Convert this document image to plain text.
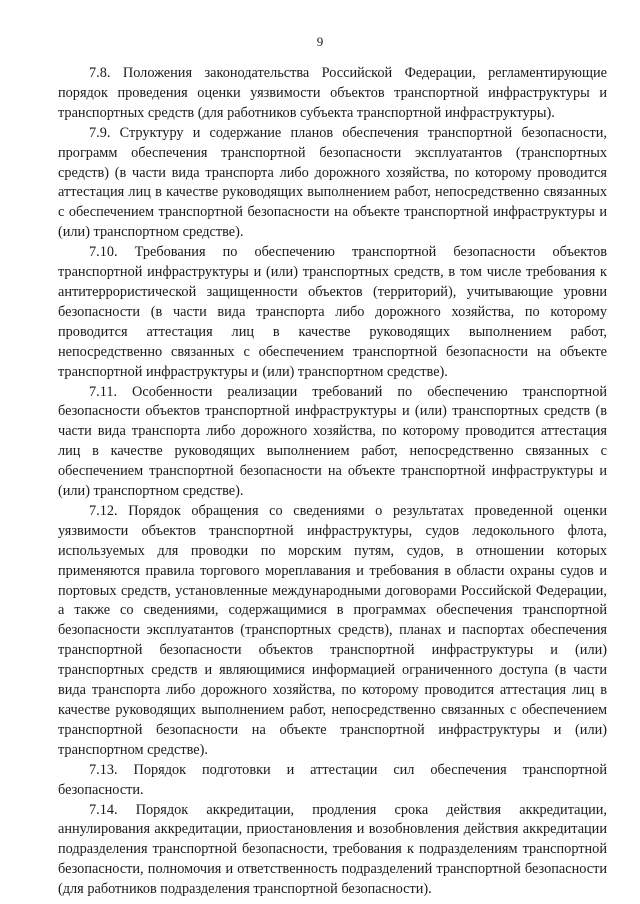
9

7.8. Положения законодательства Российской Федерации, регламентирующие порядок проведения оценки уязвимости объектов транспортной инфраструктуры и транспортных средств (для работников субъекта транспортной инфраструктуры).

7.9. Структуру и содержание планов обеспечения транспортной безопасности, программ обеспечения транспортной безопасности эксплуатантов (транспортных средств) (в части вида транспорта либо дорожного хозяйства, по которому проводится аттестация лиц в качестве руководящих выполнением работ, непосредственно связанных с обеспечением транспортной безопасности на объекте транспортной инфраструктуры и (или) транспортном средстве).

7.10. Требования по обеспечению транспортной безопасности объектов транспортной инфраструктуры и (или) транспортных средств, в том числе требования к антитеррористической защищенности объектов (территорий), учитывающие уровни безопасности (в части вида транспорта либо дорожного хозяйства, по которому проводится аттестация лиц в качестве руководящих выполнением работ, непосредственно связанных с обеспечением транспортной безопасности на объекте транспортной инфраструктуры и (или) транспортном средстве).

7.11. Особенности реализации требований по обеспечению транспортной безопасности объектов транспортной инфраструктуры и (или) транспортных средств (в части вида транспорта либо дорожного хозяйства, по которому проводится аттестация лиц в качестве руководящих выполнением работ, непосредственно связанных с обеспечением транспортной безопасности на объекте транспортной инфраструктуры и (или) транспортном средстве).

7.12. Порядок обращения со сведениями о результатах проведенной оценки уязвимости объектов транспортной инфраструктуры, судов ледокольного флота, используемых для проводки по морским путям, судов, в отношении которых применяются правила торгового мореплавания и требования в области охраны судов и портовых средств, установленные международными договорами Российской Федерации, а также со сведениями, содержащимися в программах обеспечения транспортной безопасности эксплуатантов (транспортных средств), планах и паспортах обеспечения транспортной безопасности объектов транспортной инфраструктуры и (или) транспортных средств и являющимися информацией ограниченного доступа (в части вида транспорта либо дорожного хозяйства, по которому проводится аттестация лиц в качестве руководящих выполнением работ, непосредственно связанных с обеспечением транспортной безопасности на объекте транспортной инфраструктуры и (или) транспортном средстве).

7.13. Порядок подготовки и аттестации сил обеспечения транспортной безопасности.

7.14. Порядок аккредитации, продления срока действия аккредитации, аннулирования аккредитации, приостановления и возобновления действия аккредитации подразделения транспортной безопасности, требования к подразделениям транспортной безопасности, полномочия и ответственность подразделений транспортной безопасности (для работников подразделения транспортной безопасности).
